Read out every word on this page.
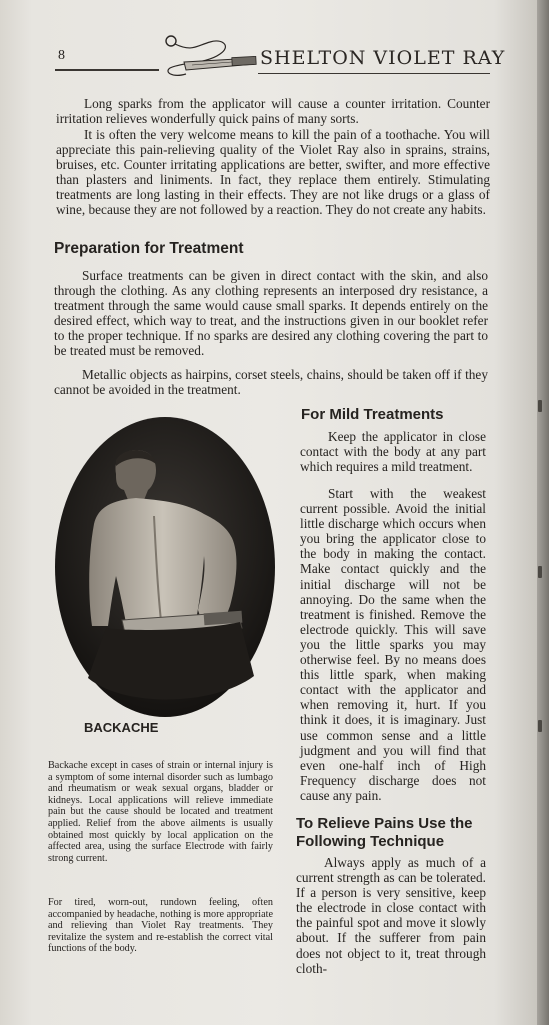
8	SHELTON VIOLET RAY

Long sparks from the applicator will cause a counter irritation. Counter irritation relieves wonderfully quick pains of many sorts.

It is often the very welcome means to kill the pain of a toothache. You will appreciate this pain-relieving quality of the Violet Ray also in sprains, strains, bruises, etc. Counter irritating applications are better, swifter, and more effective than plasters and liniments. In fact, they replace them entirely. Stimulating treatments are long lasting in their effects. They are not like drugs or a glass of wine, because they are not followed by a reaction. They do not create any habits.

Preparation for Treatment

Surface treatments can be given in direct contact with the skin, and also through the clothing. As any clothing represents an interposed dry resistance, a treatment through the same would cause small sparks. It depends entirely on the desired effect, which way to treat, and the instructions given in our booklet refer to the proper technique. If no sparks are desired any clothing covering the part to be treated must be removed.

Metallic objects as hairpins, corset steels, chains, should be taken off if they cannot be avoided in the treatment.

For Mild Treatments

Keep the applicator in close contact with the body at any part which requires a mild treatment.

Start with the weakest current possible. Avoid the initial little discharge which occurs when you bring the applicator close to the body in making the contact. Make contact quickly and the initial discharge will not be annoying. Do the same when the treatment is finished. Remove the electrode quickly. This will save you the little sparks you may otherwise feel. By no means does this little spark, when making contact with the applicator and when removing it, hurt. If you think it does, it is imaginary. Just use common sense and a little judgment and you will find that even one-half inch of High Frequency discharge does not cause any pain.

To Relieve Pains Use the Following Technique

Always apply as much of a current strength as can be tolerated. If a person is very sensitive, keep the electrode in close contact with the painful spot and move it slowly about. If the sufferer from pain does not object to it, treat through cloth-

BACKACHE

Backache except in cases of strain or internal injury is a symptom of some internal disorder such as lumbago and rheumatism or weak sexual organs, bladder or kidneys. Local applications will relieve immediate pain but the cause should be located and treatment applied. Relief from the above ailments is usually obtained most quickly by local application on the affected area, using the surface Electrode with fairly strong current.

For tired, worn-out, rundown feeling, often accompanied by headache, nothing is more appropriate and relieving than Violet Ray treatments. They revitalize the system and re-establish the correct vital functions of the body.
